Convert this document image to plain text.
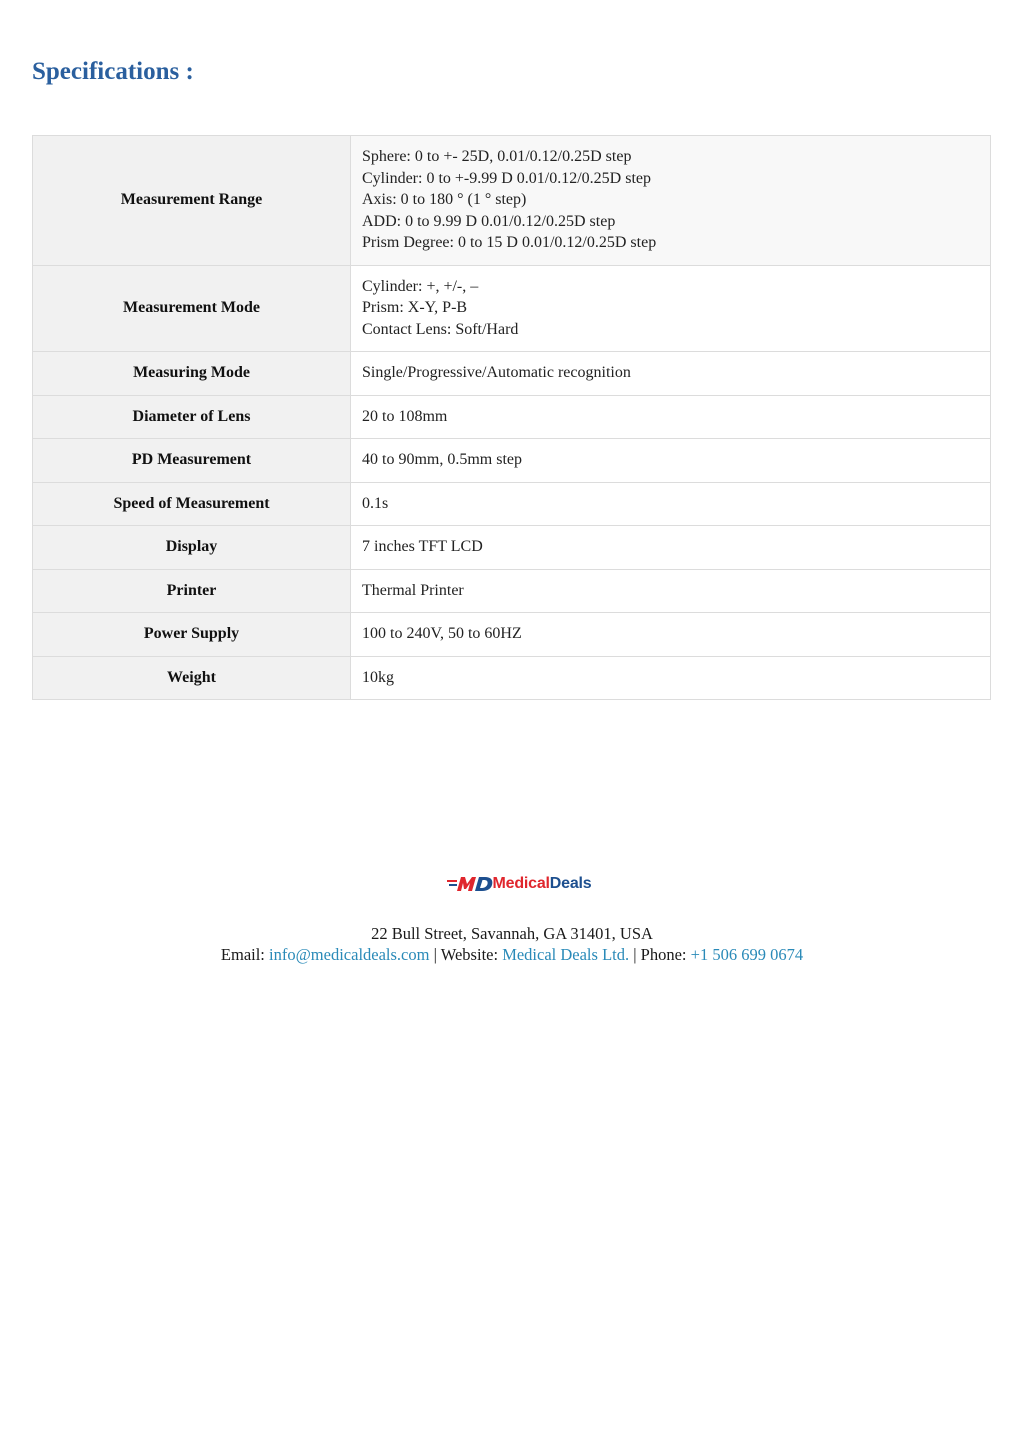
Specifications :
Measurement Range	Sphere: 0 to +- 25D, 0.01/0.12/0.25D step
Cylinder: 0 to +-9.99 D 0.01/0.12/0.25D step
Axis: 0 to 180 ° (1 ° step)
ADD: 0 to 9.99 D 0.01/0.12/0.25D step
Prism Degree: 0 to 15 D 0.01/0.12/0.25D step

Measurement Mode	Cylinder: +, +/-, –
Prism: X-Y, P-B
Contact Lens: Soft/Hard

Measuring Mode	Single/Progressive/Automatic recognition

Diameter of Lens	20 to 108mm

PD Measurement	40 to 90mm, 0.5mm step

Speed of Measurement	0.1s

Display	7 inches TFT LCD

Printer	Thermal Printer

Power Supply	100 to 240V, 50 to 60HZ

Weight	10kg
MedicalDeals
22 Bull Street, Savannah, GA 31401, USA
Email: info@medicaldeals.com | Website: Medical Deals Ltd. | Phone: +1 506 699 0674
